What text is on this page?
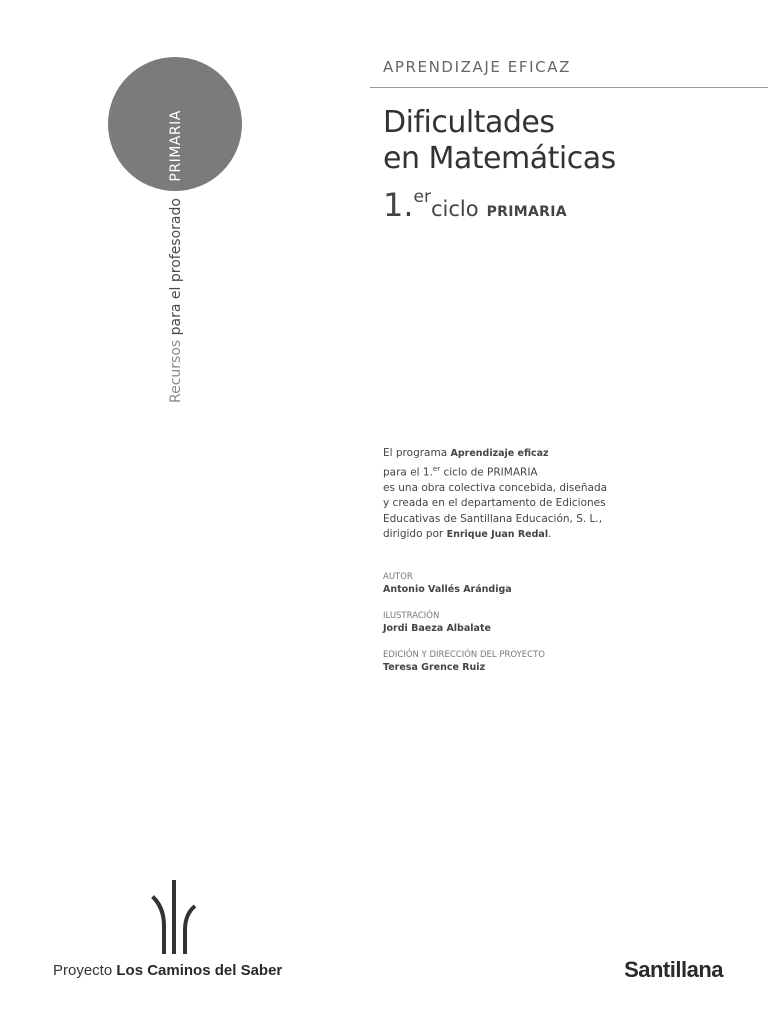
Recursos para el profesorado PRIMARIA
APRENDIZAJE EFICAZ
Dificultades
en Matemáticas
1.erciclo PRIMARIA
El programa Aprendizaje eficaz
para el 1.$^{er}$ ciclo de PRIMARIA
es una obra colectiva concebida, diseñada
y creada en el departamento de Ediciones
Educativas de Santillana Educación, S. L.,
dirigido por Enrique Juan Redal.
AUTOR
Antonio Vallés Arándiga
ILUSTRACIÓN
Jordi Baeza Albalate
EDICIÓN Y DIRECCIÓN DEL PROYECTO
Teresa Grence Ruiz
Proyecto Los Caminos del Saber	Santillana
